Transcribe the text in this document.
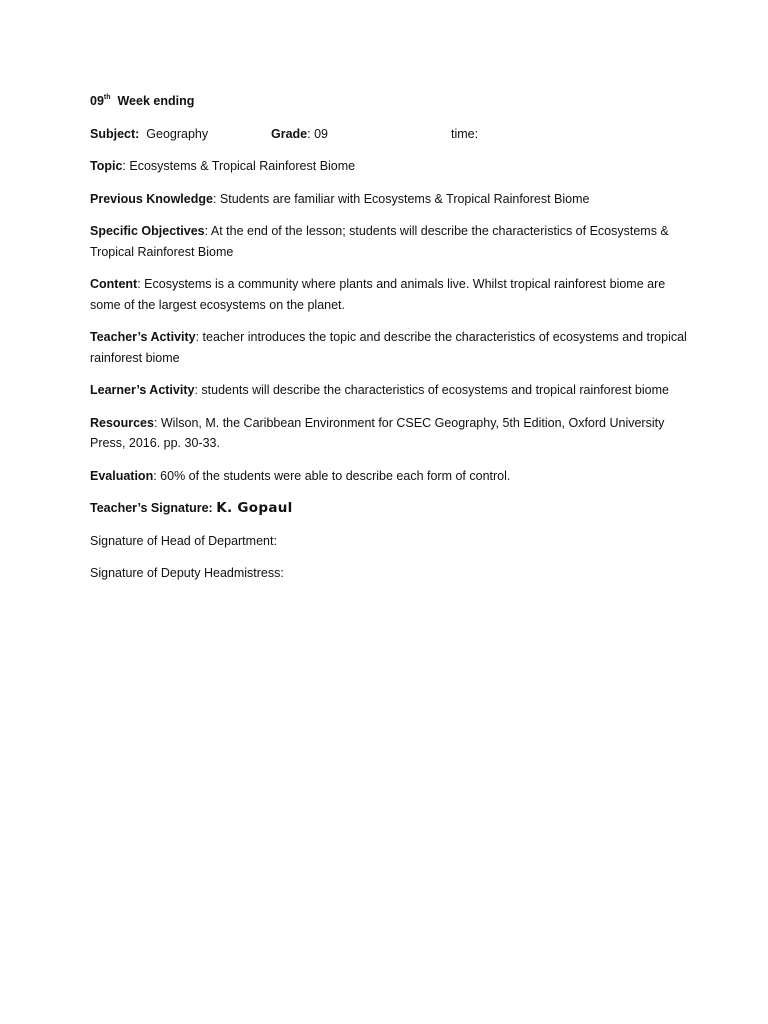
09th Week ending

Subject: Geography	Grade: 09	time:

Topic: Ecosystems & Tropical Rainforest Biome

Previous Knowledge: Students are familiar with Ecosystems & Tropical Rainforest Biome

Specific Objectives: At the end of the lesson; students will describe the characteristics of Ecosystems & Tropical Rainforest Biome

Content: Ecosystems is a community where plants and animals live. Whilst tropical rainforest biome are some of the largest ecosystems on the planet.

Teacher’s Activity: teacher introduces the topic and describe the characteristics of ecosystems and tropical rainforest biome

Learner’s Activity: students will describe the characteristics of ecosystems and tropical rainforest biome

Resources: Wilson, M. the Caribbean Environment for CSEC Geography, 5th Edition, Oxford University Press, 2016. pp. 30-33.

Evaluation: 60% of the students were able to describe each form of control.

Teacher’s Signature: K. Gopaul

Signature of Head of Department:

Signature of Deputy Headmistress:
